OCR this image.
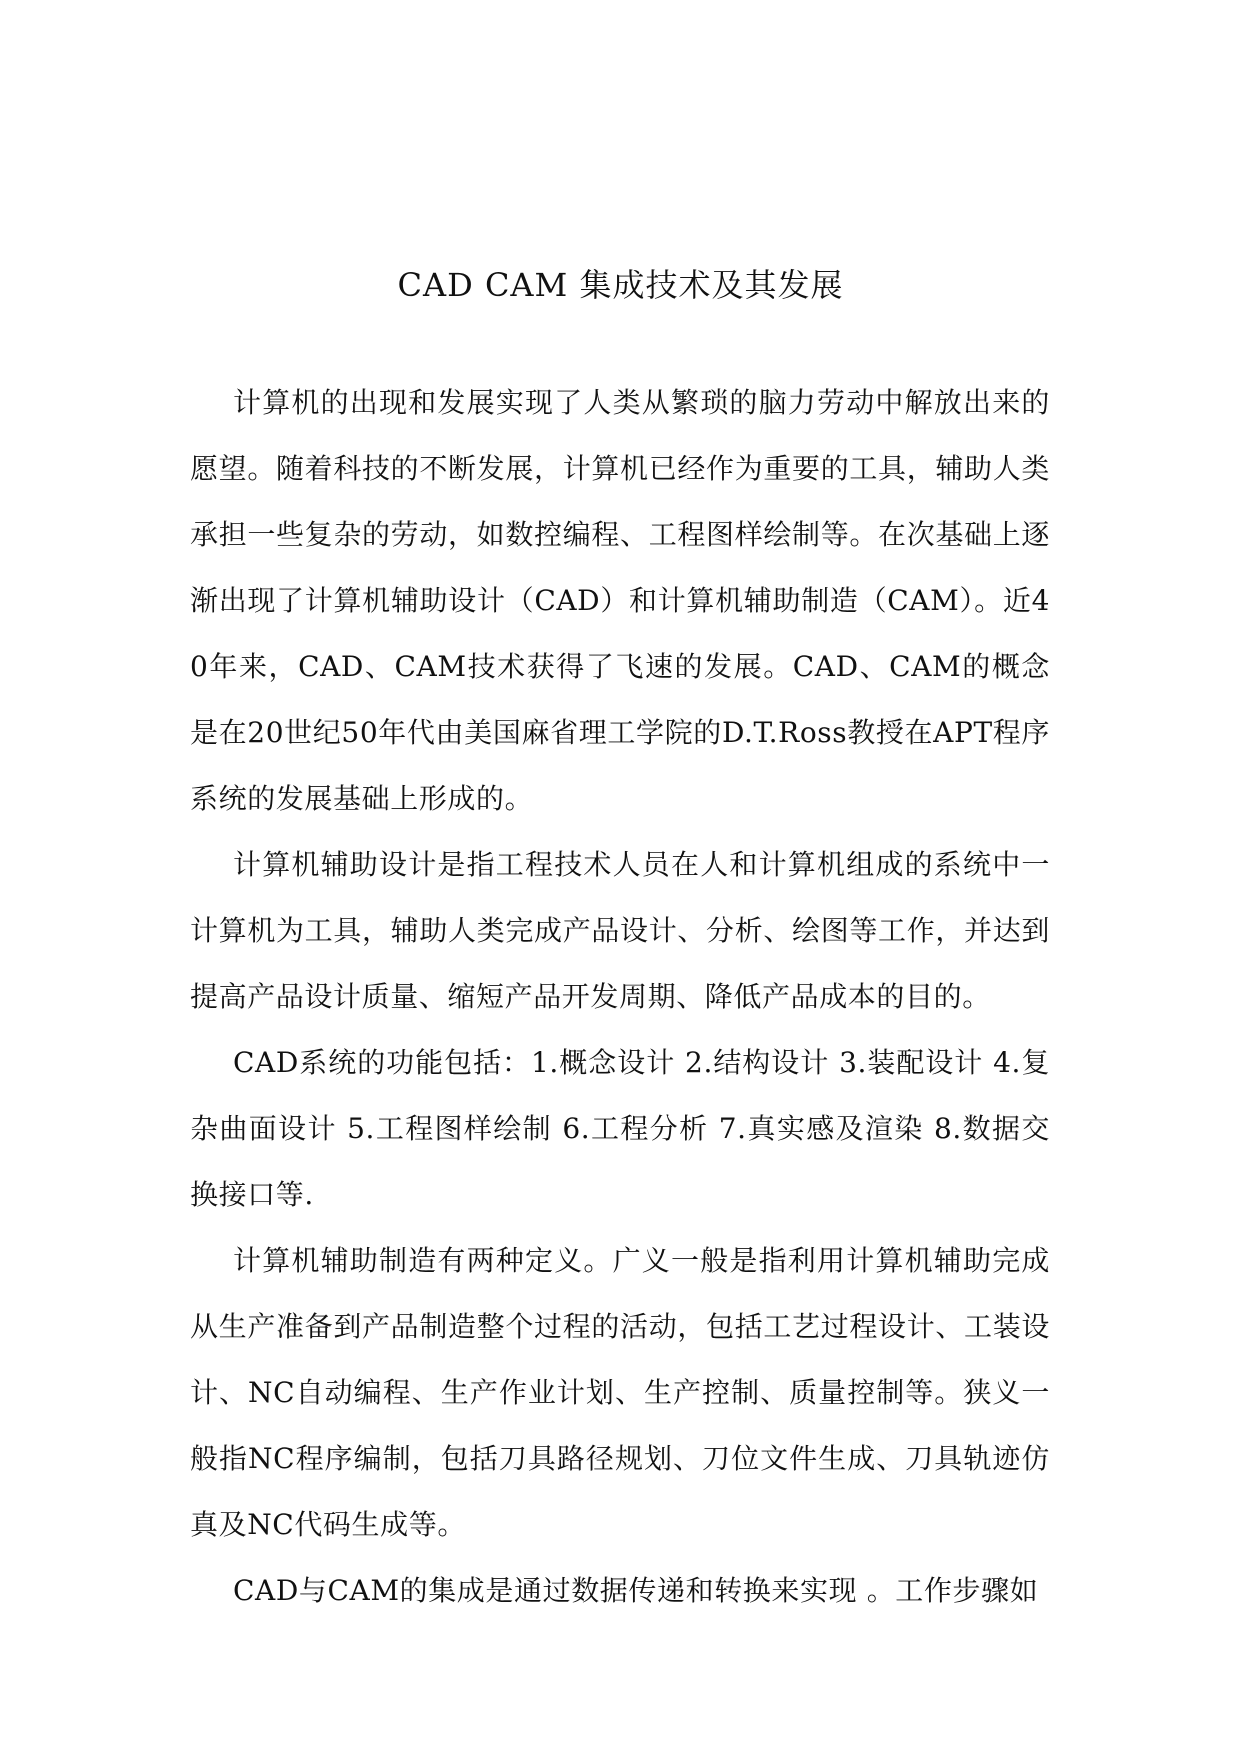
CAD CAM 集成技术及其发展

计算机的出现和发展实现了人类从繁琐的脑力劳动中解放出来的愿望。随着科技的不断发展，计算机已经作为重要的工具，辅助人类承担一些复杂的劳动，如数控编程、工程图样绘制等。在次基础上逐渐出现了计算机辅助设计（CAD）和计算机辅助制造（CAM）。近40年来，CAD、CAM技术获得了飞速的发展。CAD、CAM的概念是在20世纪50年代由美国麻省理工学院的D.T.Ross教授在APT程序系统的发展基础上形成的。

计算机辅助设计是指工程技术人员在人和计算机组成的系统中一计算机为工具，辅助人类完成产品设计、分析、绘图等工作，并达到提高产品设计质量、缩短产品开发周期、降低产品成本的目的。

CAD系统的功能包括：1.概念设计 2.结构设计 3.装配设计 4.复杂曲面设计 5.工程图样绘制 6.工程分析 7.真实感及渲染 8.数据交换接口等.

计算机辅助制造有两种定义。广义一般是指利用计算机辅助完成从生产准备到产品制造整个过程的活动，包括工艺过程设计、工装设计、NC自动编程、生产作业计划、生产控制、质量控制等。狭义一般指NC程序编制，包括刀具路径规划、刀位文件生成、刀具轨迹仿真及NC代码生成等。

CAD与CAM的集成是通过数据传递和转换来实现 。工作步骤如
